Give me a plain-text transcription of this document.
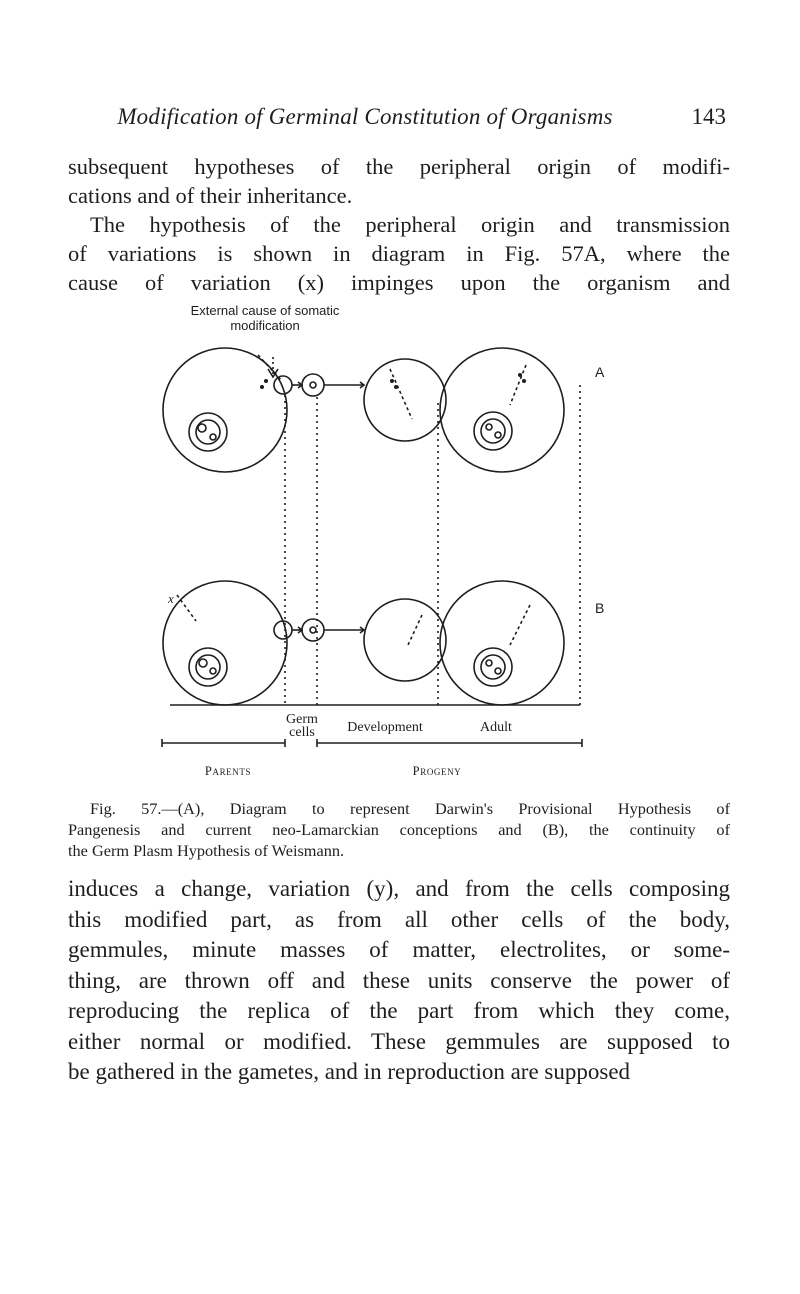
Modification of Germinal Constitution of Organisms	143

subsequent hypotheses of the peripheral origin of modifi-
cations and of their inheritance.

The hypothesis of the peripheral origin and transmission
of variations is shown in diagram in Fig. 57A, where the
cause of variation (x) impinges upon the organism and

External cause of somatic
modification
A
B
x
Germ
cells Development	Adult
Parents	Progeny

Fig. 57.—(A), Diagram to represent Darwin's Provisional Hypothesis of
Pangenesis and current neo-Lamarckian conceptions and (B), the continuity of
the Germ Plasm Hypothesis of Weismann.

induces a change, variation (y), and from the cells composing
this modified part, as from all other cells of the body,
gemmules, minute masses of matter, electrolites, or some-
thing, are thrown off and these units conserve the power of
reproducing the replica of the part from which they come,
either normal or modified. These gemmules are supposed to
be gathered in the gametes, and in reproduction are supposed
